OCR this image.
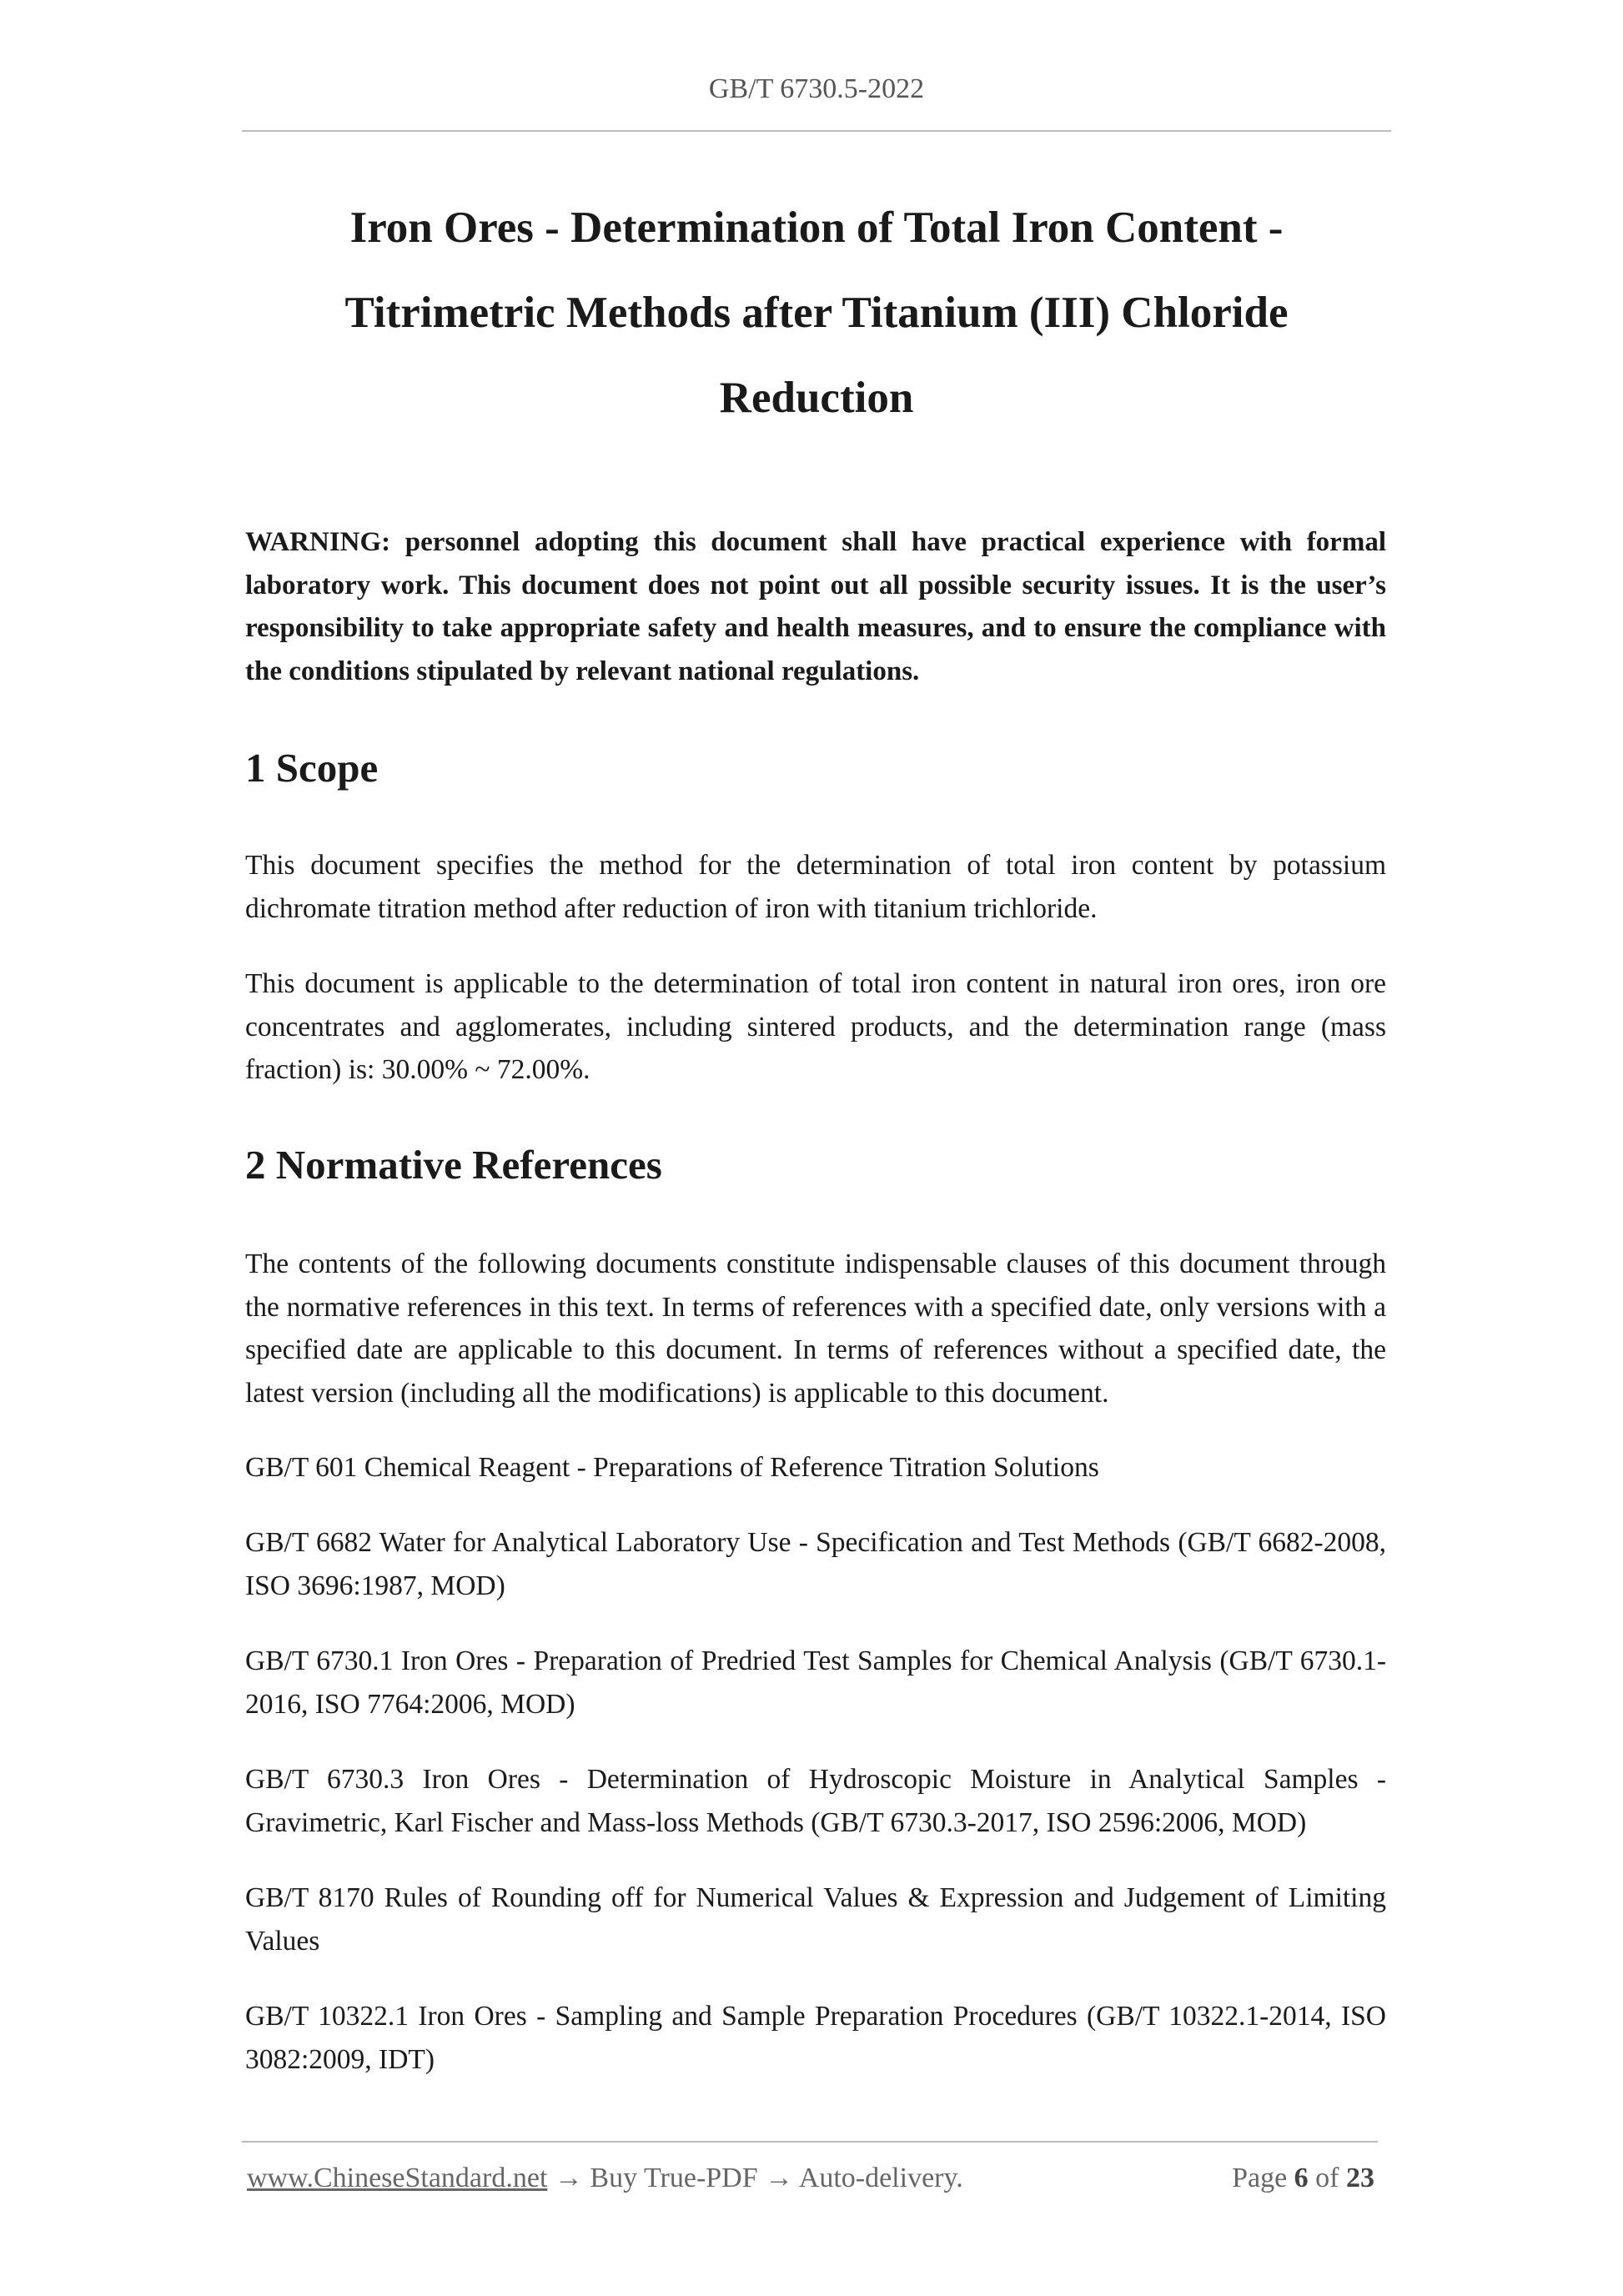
GB/T 6730.5-2022
Iron Ores - Determination of Total Iron Content -
Titrimetric Methods after Titanium (III) Chloride
Reduction
WARNING: personnel adopting this document shall have practical experience with formal laboratory work. This document does not point out all possible security issues. It is the user’s responsibility to take appropriate safety and health measures, and to ensure the compliance with the conditions stipulated by relevant national regulations.
1 Scope
This document specifies the method for the determination of total iron content by potassium dichromate titration method after reduction of iron with titanium trichloride.
This document is applicable to the determination of total iron content in natural iron ores, iron ore concentrates and agglomerates, including sintered products, and the determination range (mass fraction) is: 30.00% ~ 72.00%.
2 Normative References
The contents of the following documents constitute indispensable clauses of this document through the normative references in this text. In terms of references with a specified date, only versions with a specified date are applicable to this document. In terms of references without a specified date, the latest version (including all the modifications) is applicable to this document.
GB/T 601 Chemical Reagent - Preparations of Reference Titration Solutions
GB/T 6682 Water for Analytical Laboratory Use - Specification and Test Methods (GB/T 6682-2008, ISO 3696:1987, MOD)
GB/T 6730.1 Iron Ores - Preparation of Predried Test Samples for Chemical Analysis (GB/T 6730.1-2016, ISO 7764:2006, MOD)
GB/T 6730.3 Iron Ores - Determination of Hydroscopic Moisture in Analytical Samples - Gravimetric, Karl Fischer and Mass-loss Methods (GB/T 6730.3-2017, ISO 2596:2006, MOD)
GB/T 8170 Rules of Rounding off for Numerical Values & Expression and Judgement of Limiting Values
GB/T 10322.1 Iron Ores - Sampling and Sample Preparation Procedures (GB/T 10322.1-2014, ISO 3082:2009, IDT)
www.ChineseStandard.net → Buy True-PDF → Auto-delivery.	Page 6 of 23
